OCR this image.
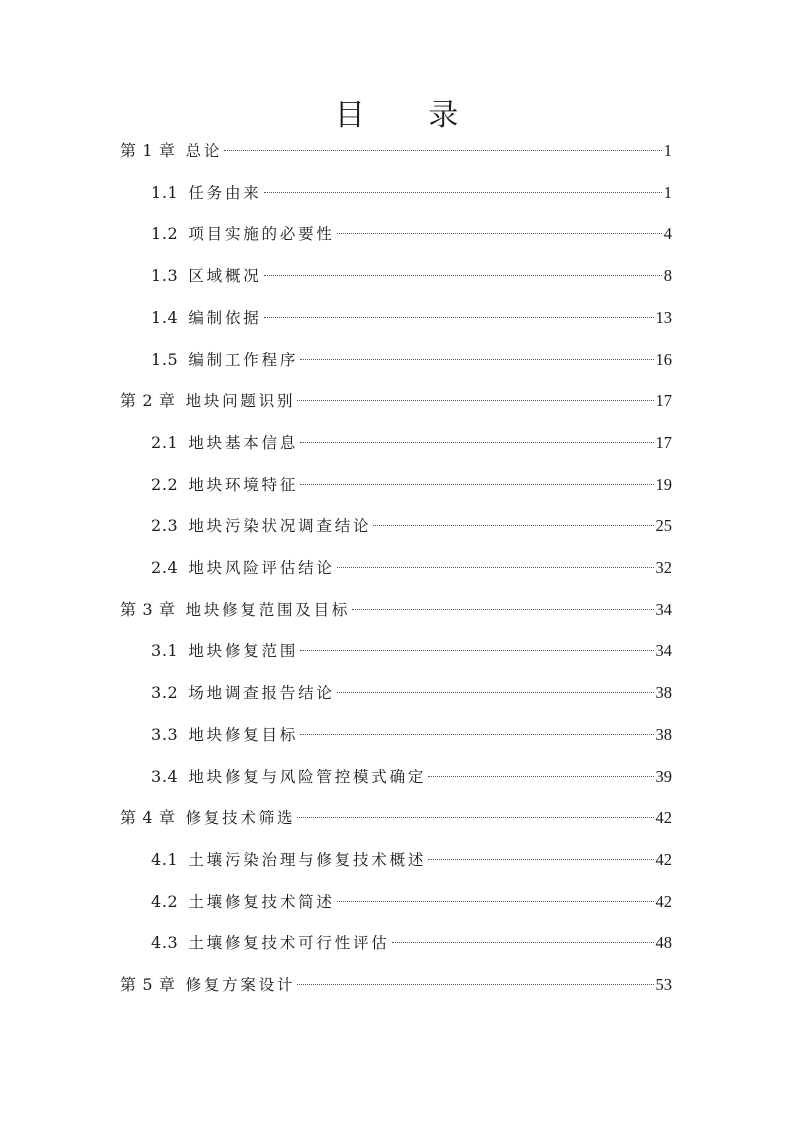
目 录
第 1 章 总论	1
1.1 任务由来	1
1.2 项目实施的必要性	4
1.3 区域概况	8
1.4 编制依据	13
1.5 编制工作程序	16
第 2 章 地块问题识别	17
2.1 地块基本信息	17
2.2 地块环境特征	19
2.3 地块污染状况调查结论	25
2.4 地块风险评估结论	32
第 3 章 地块修复范围及目标	34
3.1 地块修复范围	34
3.2 场地调查报告结论	38
3.3 地块修复目标	38
3.4 地块修复与风险管控模式确定	39
第 4 章 修复技术筛选	42
4.1 土壤污染治理与修复技术概述	42
4.2 土壤修复技术简述	42
4.3 土壤修复技术可行性评估	48
第 5 章 修复方案设计	53
